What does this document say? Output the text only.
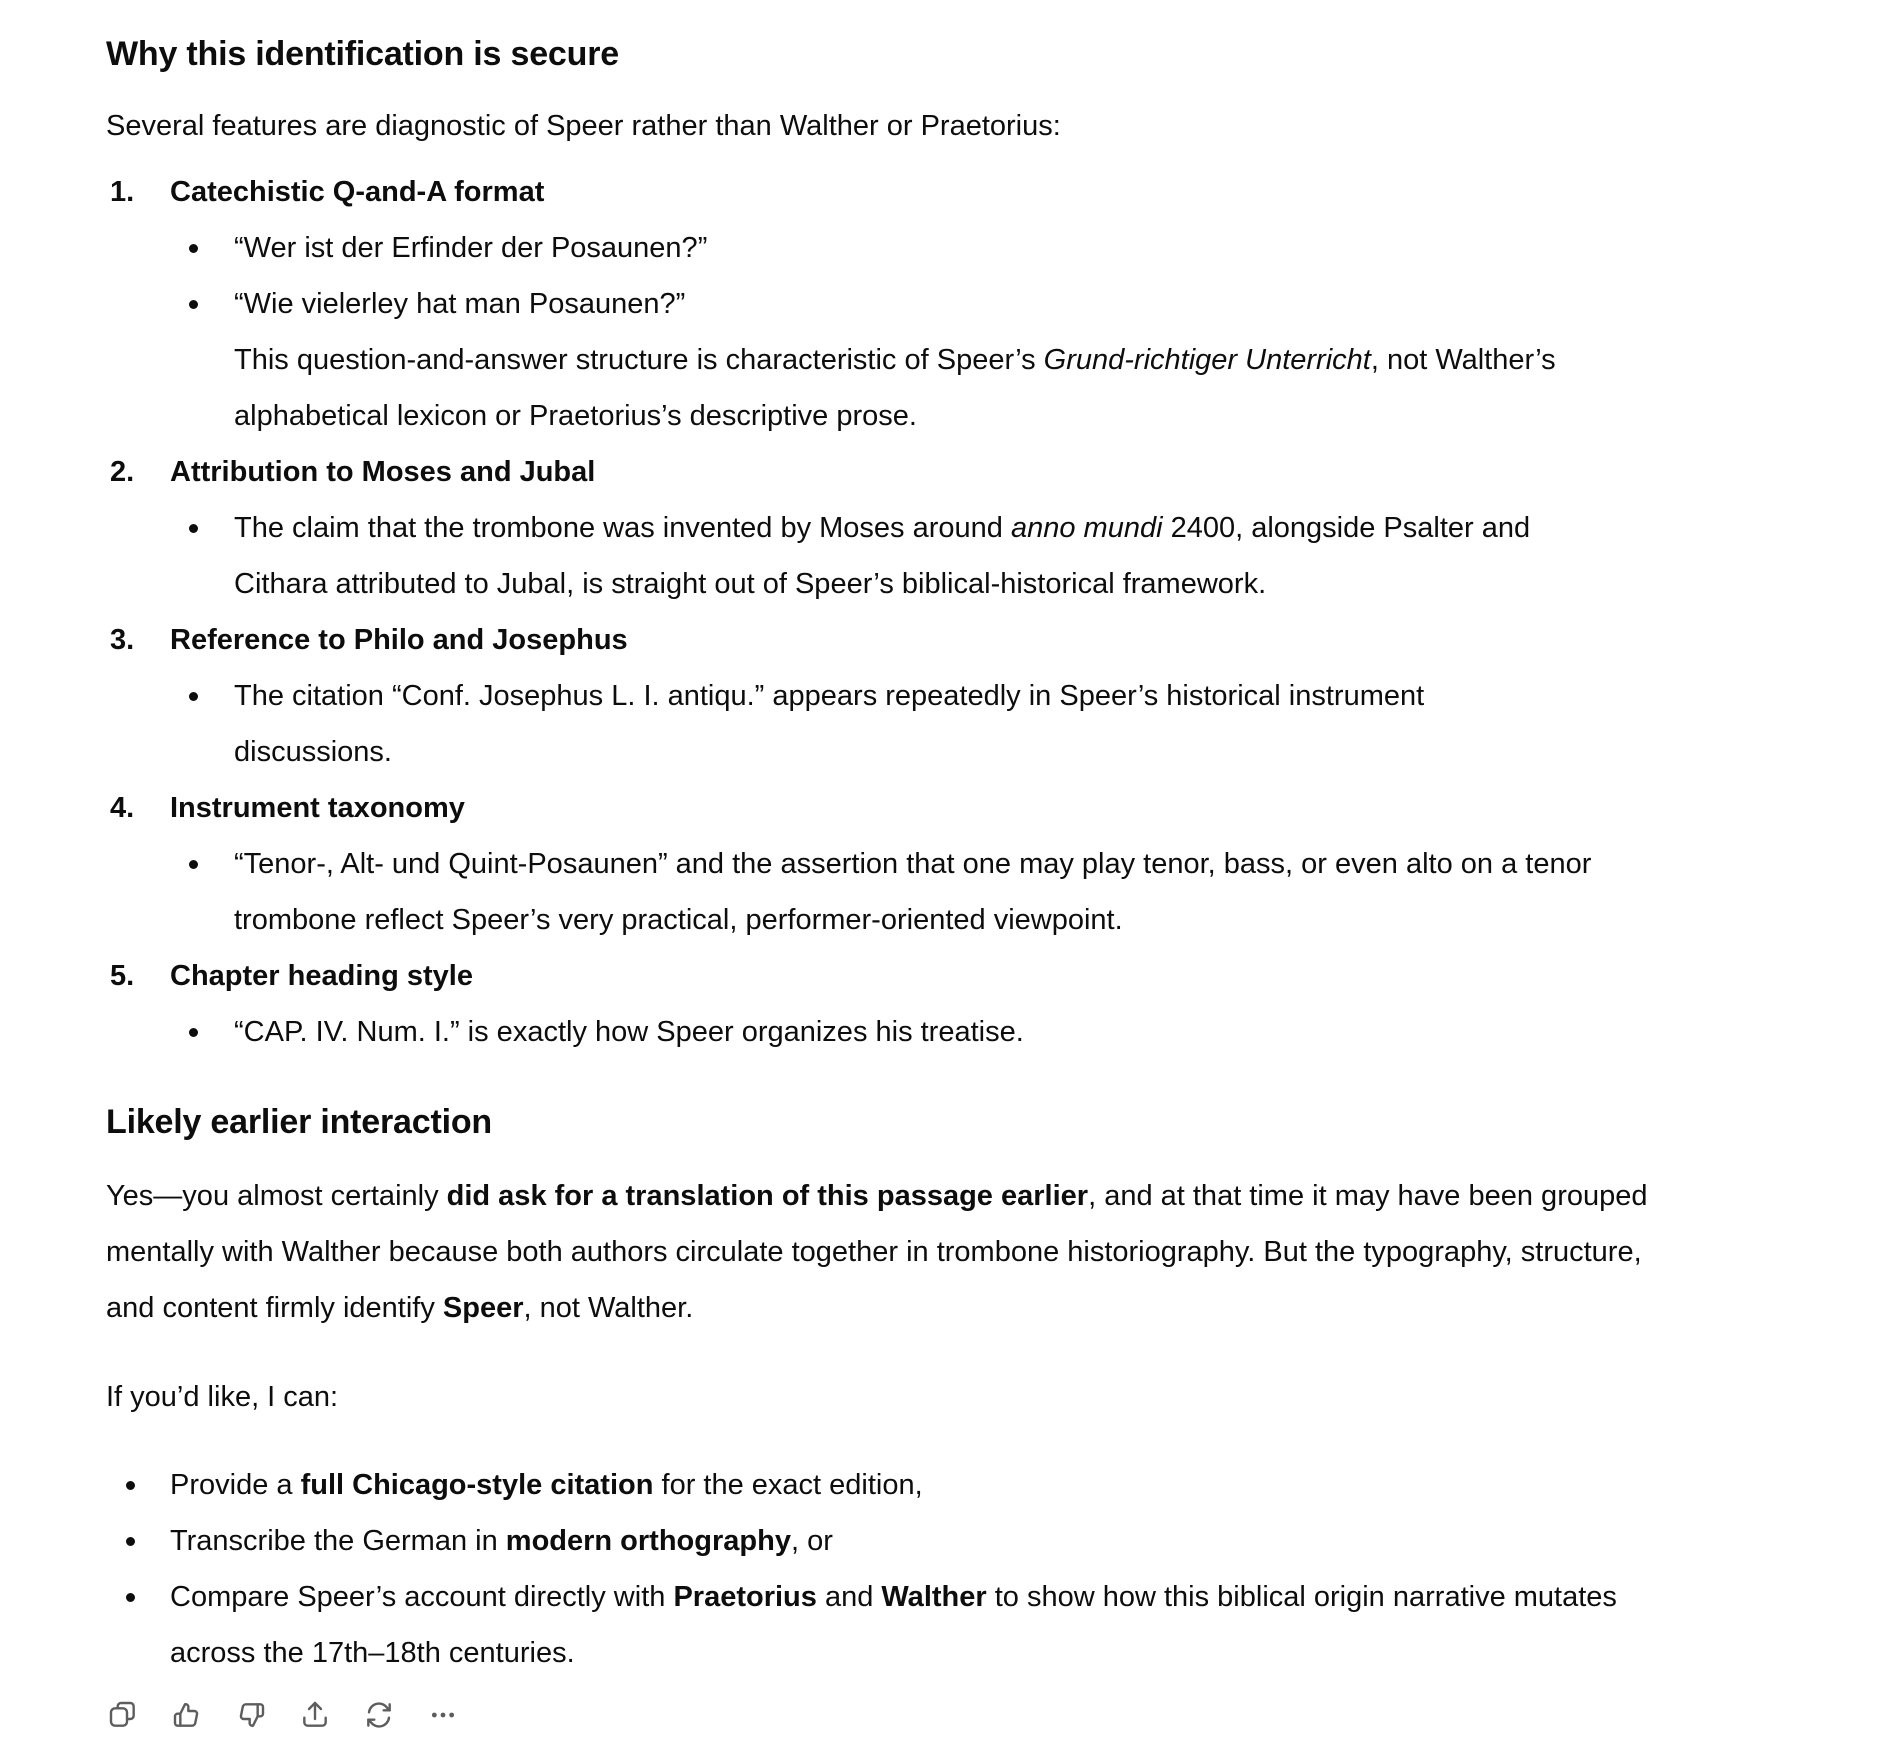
Why this identification is secure

Several features are diagnostic of Speer rather than Walther or Praetorius:

1. Catechistic Q-and-A format
“Wer ist der Erfinder der Posaunen?”
“Wie vielerley hat man Posaunen?”
This question-and-answer structure is characteristic of Speer’s Grund-richtiger Unterricht, not Walther’s alphabetical lexicon or Praetorius’s descriptive prose.
2. Attribution to Moses and Jubal
The claim that the trombone was invented by Moses around anno mundi 2400, alongside Psalter and Cithara attributed to Jubal, is straight out of Speer’s biblical-historical framework.
3. Reference to Philo and Josephus
The citation “Conf. Josephus L. I. antiqu.” appears repeatedly in Speer’s historical instrument discussions.
4. Instrument taxonomy
“Tenor-, Alt- und Quint-Posaunen” and the assertion that one may play tenor, bass, or even alto on a tenor trombone reflect Speer’s very practical, performer-oriented viewpoint.
5. Chapter heading style
“CAP. IV. Num. I.” is exactly how Speer organizes his treatise.
Likely earlier interaction

Yes—you almost certainly did ask for a translation of this passage earlier, and at that time it may have been grouped mentally with Walther because both authors circulate together in trombone historiography. But the typography, structure, and content firmly identify Speer, not Walther.

If you’d like, I can:

Provide a full Chicago-style citation for the exact edition,
Transcribe the German in modern orthography, or
Compare Speer’s account directly with Praetorius and Walther to show how this biblical origin narrative mutates across the 17th–18th centuries.
